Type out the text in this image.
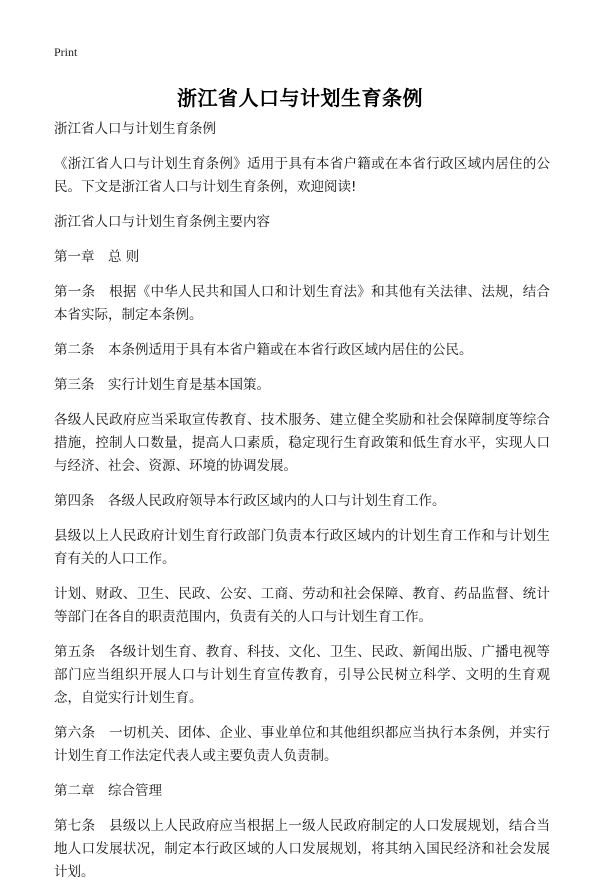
Print
浙江省人口与计划生育条例

浙江省人口与计划生育条例

《浙江省人口与计划生育条例》适用于具有本省户籍或在本省行政区域内居住的公民。下文是浙江省人口与计划生育条例，欢迎阅读!

浙江省人口与计划生育条例主要内容

第一章　总 则

第一条　根据《中华人民共和国人口和计划生育法》和其他有关法律、法规，结合本省实际，制定本条例。

第二条　本条例适用于具有本省户籍或在本省行政区域内居住的公民。

第三条　实行计划生育是基本国策。

各级人民政府应当采取宣传教育、技术服务、建立健全奖励和社会保障制度等综合措施，控制人口数量，提高人口素质，稳定现行生育政策和低生育水平，实现人口与经济、社会、资源、环境的协调发展。

第四条　各级人民政府领导本行政区域内的人口与计划生育工作。

县级以上人民政府计划生育行政部门负责本行政区域内的计划生育工作和与计划生育有关的人口工作。

计划、财政、卫生、民政、公安、工商、劳动和社会保障、教育、药品监督、统计等部门在各自的职责范围内，负责有关的人口与计划生育工作。

第五条　各级计划生育、教育、科技、文化、卫生、民政、新闻出版、广播电视等部门应当组织开展人口与计划生育宣传教育，引导公民树立科学、文明的生育观念，自觉实行计划生育。

第六条　一切机关、团体、企业、事业单位和其他组织都应当执行本条例，并实行计划生育工作法定代表人或主要负责人负责制。

第二章　综合管理

第七条　县级以上人民政府应当根据上一级人民政府制定的人口发展规划，结合当地人口发展状况，制定本行政区域的人口发展规划，将其纳入国民经济和社会发展计划。
